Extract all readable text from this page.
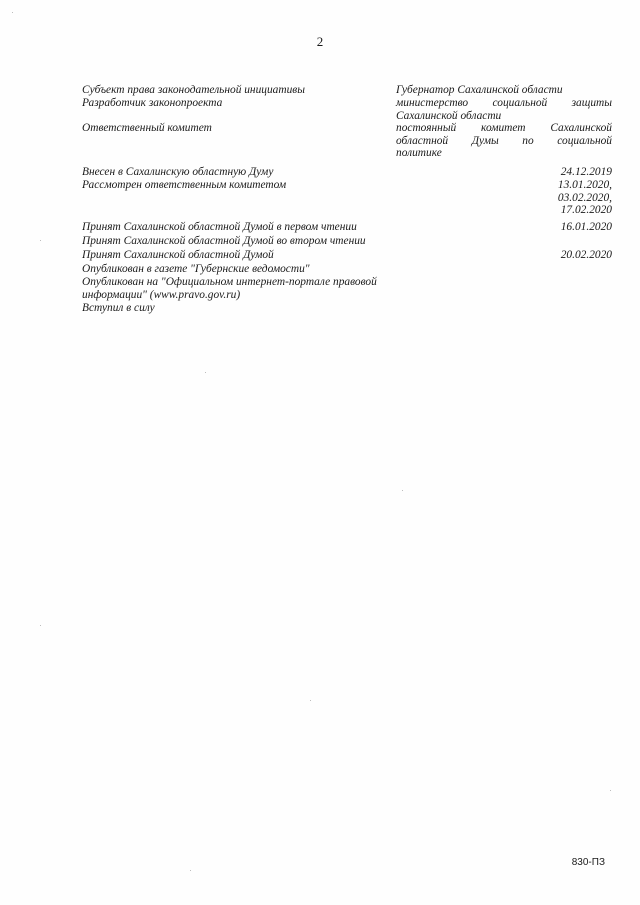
2
Субъект права законодательной инициативы	Губернатор Сахалинской области
Разработчик законопроекта	министерство социальной защиты
Сахалинской области
Ответственный комитет	постоянный комитет Сахалинской
областной Думы по социальной
политике
Внесен в Сахалинскую областную Думу	24.12.2019
Рассмотрен ответственным комитетом	13.01.2020,
03.02.2020,
17.02.2020
Принят Сахалинской областной Думой в первом чтении	16.01.2020
Принят Сахалинской областной Думой во втором чтении
Принят Сахалинской областной Думой	20.02.2020
Опубликован в газете "Губернские ведомости"
Опубликован на "Официальном интернет-портале правовой
информации" (www.pravo.gov.ru)
Вступил в силу
830-ПЗ
